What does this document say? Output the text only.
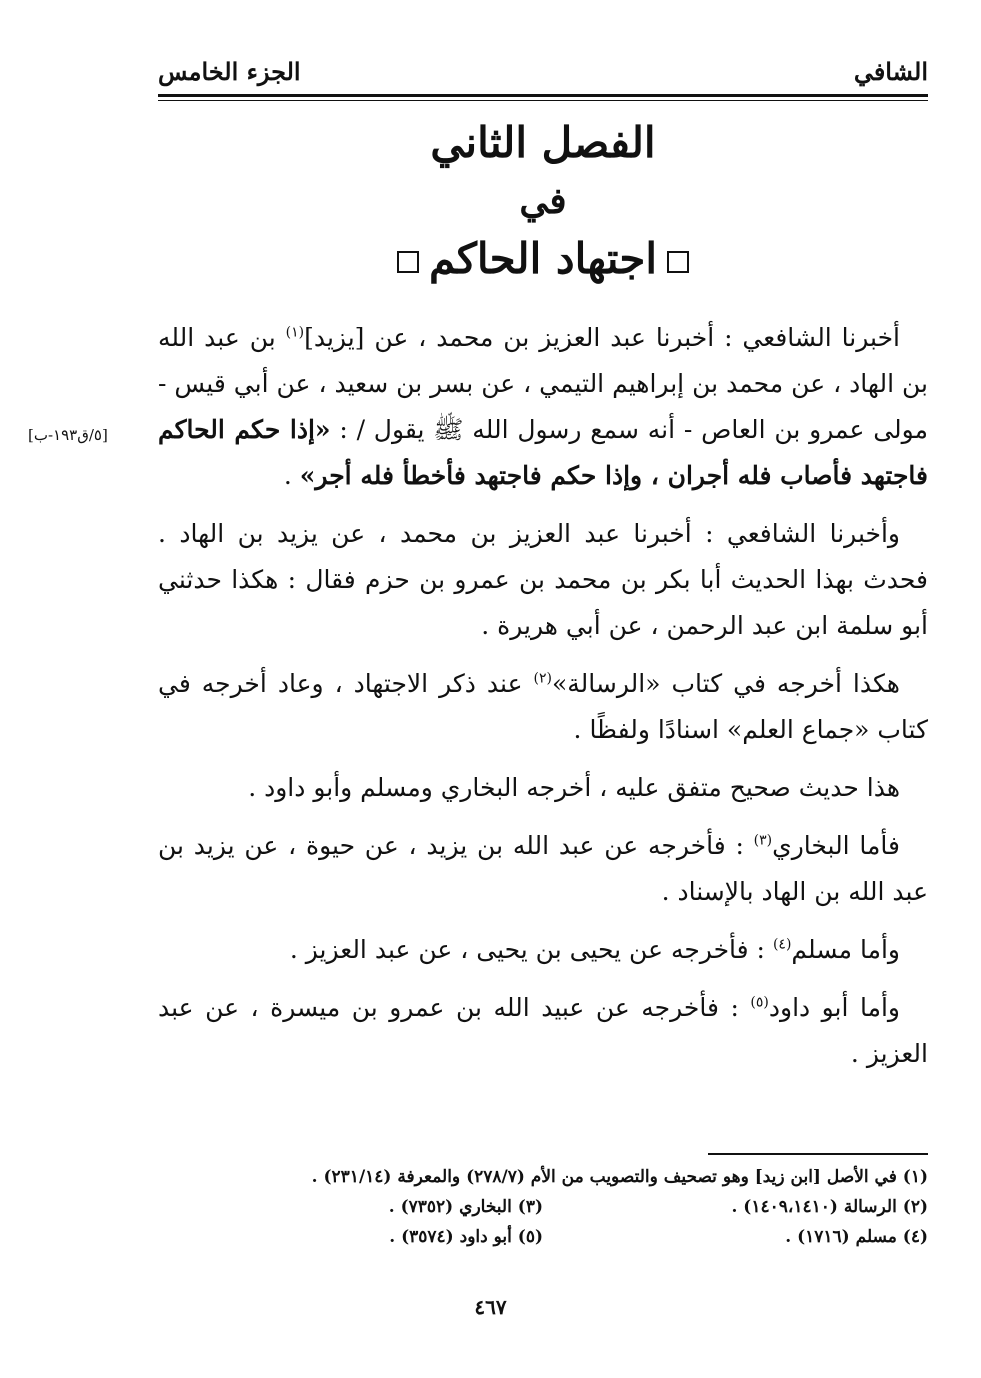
الشافي
الجزء الخامس
الفصل الثاني
في
اجتهاد الحاكم
[٥/ق١٩٣-ب]

أخبرنا الشافعي : أخبرنا عبد العزيز بن محمد ، عن [يزيد]$^{(١)}$ بن عبد الله بن الهاد ، عن محمد بن إبراهيم التيمي ، عن بسر بن سعيد ، عن أبي قيس - مولى عمرو بن العاص - أنه سمع رسول الله ﷺ يقول / : «إذا حكم الحاكم فاجتهد فأصاب فله أجران ، وإذا حكم فاجتهد فأخطأ فله أجر» .

وأخبرنا الشافعي : أخبرنا عبد العزيز بن محمد ، عن يزيد بن الهاد . فحدث بهذا الحديث أبا بكر بن محمد بن عمرو بن حزم فقال : هكذا حدثني أبو سلمة ابن عبد الرحمن ، عن أبي هريرة .

هكذا أخرجه في كتاب «الرسالة»$^{(٢)}$ عند ذكر الاجتهاد ، وعاد أخرجه في كتاب «جماع العلم» اسنادًا ولفظًا .

هذا حديث صحيح متفق عليه ، أخرجه البخاري ومسلم وأبو داود .

فأما البخاري$^{(٣)}$ : فأخرجه عن عبد الله بن يزيد ، عن حيوة ، عن يزيد بن عبد الله بن الهاد بالإسناد .

وأما مسلم$^{(٤)}$ : فأخرجه عن يحيى بن يحيى ، عن عبد العزيز .

وأما أبو داود$^{(٥)}$ : فأخرجه عن عبيد الله بن عمرو بن ميسرة ، عن عبد العزيز .

(١) في الأصل [ابن زيد] وهو تصحيف والتصويب من الأم (٢٧٨/٧) والمعرفة (٢٣١/١٤) .
(٢) الرسالة (١٤٠٩،١٤١٠) .
(٣) البخاري (٧٣٥٢) .
(٤) مسلم (١٧١٦) .
(٥) أبو داود (٣٥٧٤) .
٤٦٧
